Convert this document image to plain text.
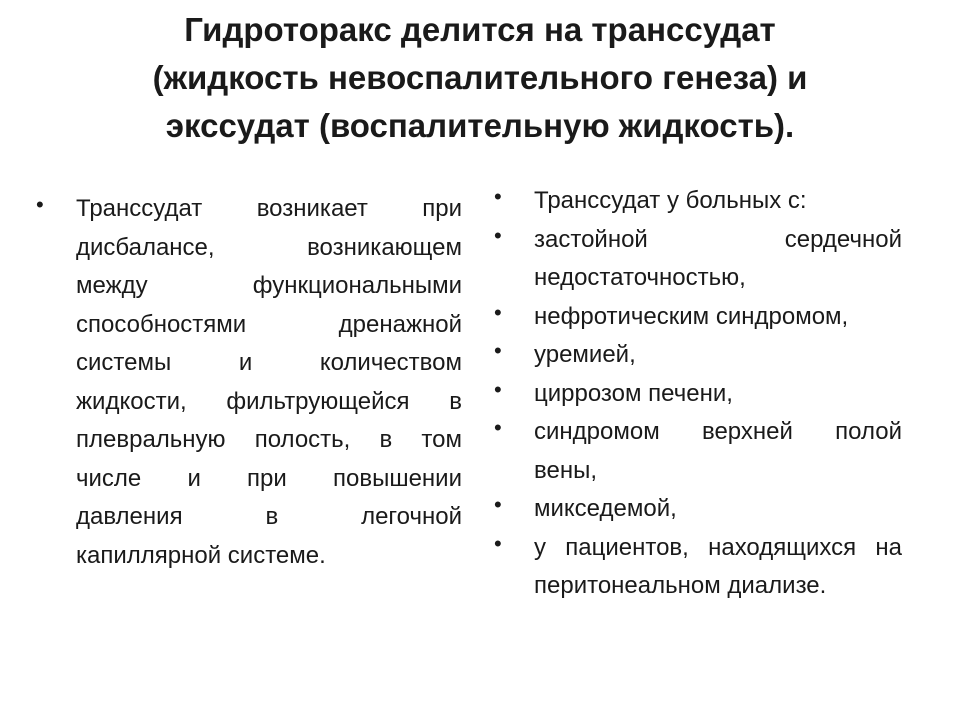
Гидроторакс делится на транссудат
(жидкость невоспалительного генеза) и
экссудат (воспалительную жидкость).
• Транссудат возникает при
дисбалансе, возникающем
между функциональными
способностями дренажной
системы и количеством
жидкости, фильтрующейся в
плевральную полость, в том
числе и при повышении
давления в легочной
капиллярной системе.
• Транссудат у больных с:
• застойной сердечной
недостаточностью,
• нефротическим синдромом,
• уремией,
• циррозом печени,
• синдромом верхней полой
вены,
• микседемой,
• у пациентов, находящихся на
перитонеальном диализе.
